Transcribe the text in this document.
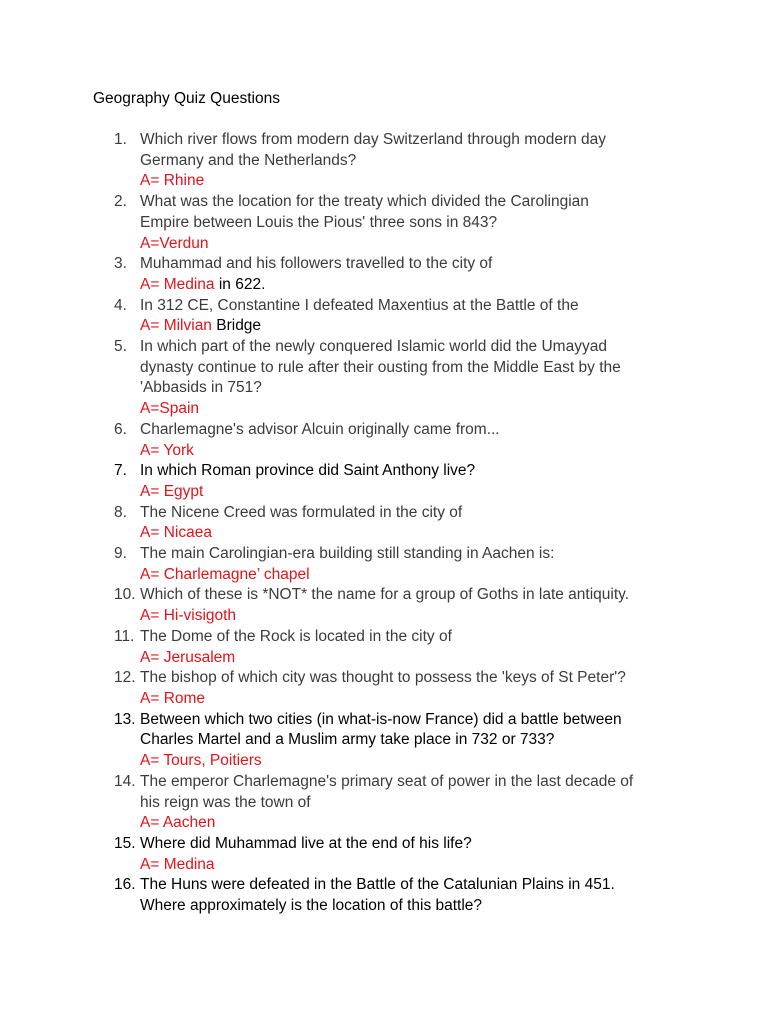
Geography Quiz Questions
1. Which river flows from modern day Switzerland through modern day
Germany and the Netherlands?
A= Rhine
2. What was the location for the treaty which divided the Carolingian
Empire between Louis the Pious' three sons in 843?
A=Verdun
3. Muhammad and his followers travelled to the city of
A= Medina in 622.
4. In 312 CE, Constantine I defeated Maxentius at the Battle of the
A= Milvian Bridge
5. In which part of the newly conquered Islamic world did the Umayyad
dynasty continue to rule after their ousting from the Middle East by the
'Abbasids in 751?
A=Spain
6. Charlemagne's advisor Alcuin originally came from...
A= York
7. In which Roman province did Saint Anthony live?
A= Egypt
8. The Nicene Creed was formulated in the city of
A= Nicaea
9. The main Carolingian-era building still standing in Aachen is:
A= Charlemagne’ chapel
10. Which of these is *NOT* the name for a group of Goths in late antiquity.
A= Hi-visigoth
11. The Dome of the Rock is located in the city of
A= Jerusalem
12. The bishop of which city was thought to possess the 'keys of St Peter'?
A= Rome
13. Between which two cities (in what-is-now France) did a battle between
Charles Martel and a Muslim army take place in 732 or 733?
A= Tours, Poitiers
14. The emperor Charlemagne's primary seat of power in the last decade of
his reign was the town of
A= Aachen
15. Where did Muhammad live at the end of his life?
A= Medina
16. The Huns were defeated in the Battle of the Catalunian Plains in 451.
Where approximately is the location of this battle?
